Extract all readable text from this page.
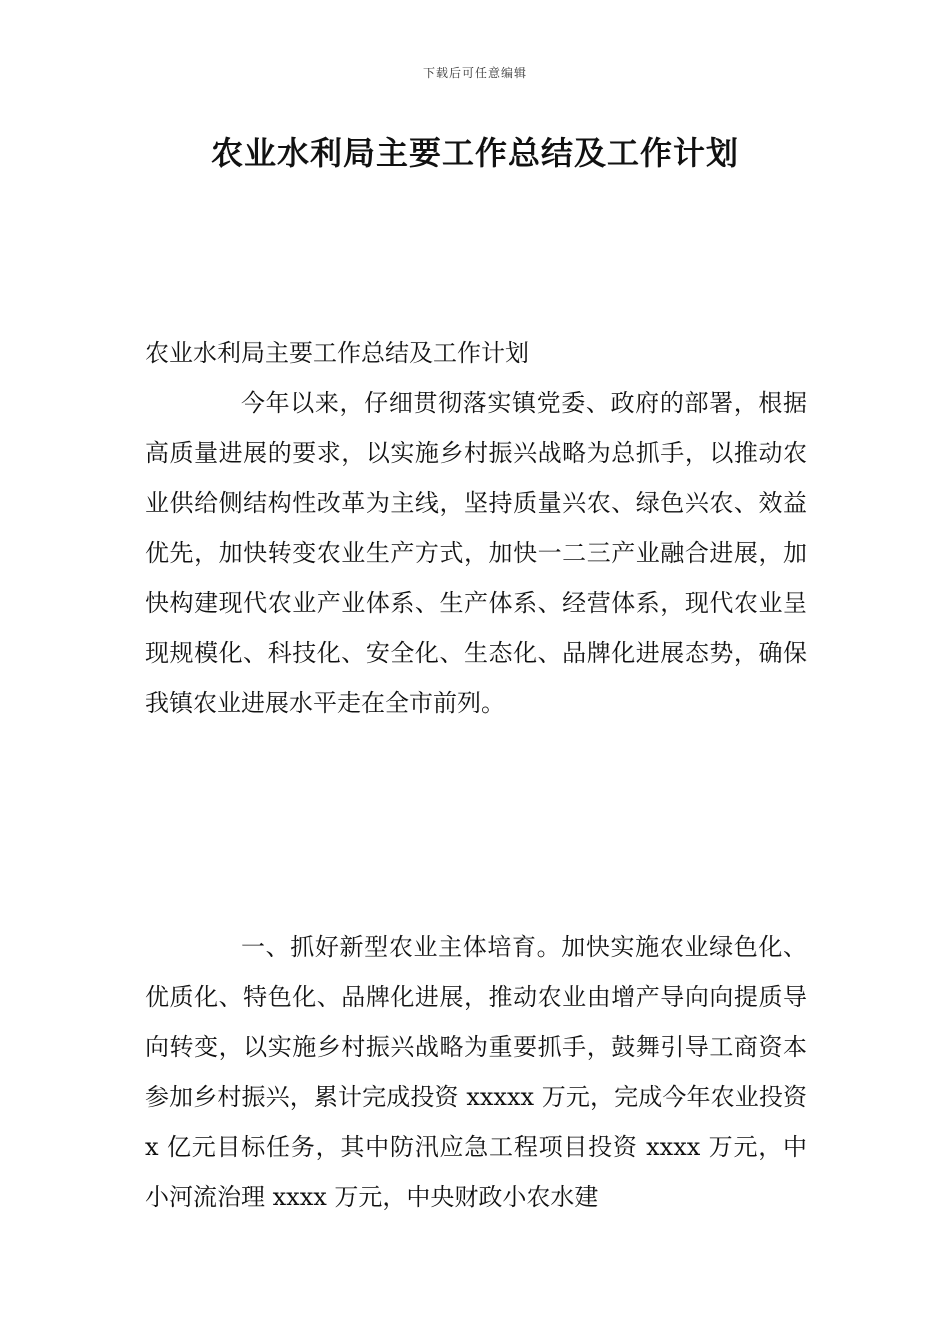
下载后可任意编辑
农业水利局主要工作总结及工作计划

农业水利局主要工作总结及工作计划

今年以来，仔细贯彻落实镇党委、政府的部署，根据高质量进展的要求，以实施乡村振兴战略为总抓手，以推动农业供给侧结构性改革为主线，坚持质量兴农、绿色兴农、效益优先，加快转变农业生产方式，加快一二三产业融合进展，加快构建现代农业产业体系、生产体系、经营体系，现代农业呈现规模化、科技化、安全化、生态化、品牌化进展态势，确保我镇农业进展水平走在全市前列。

一、抓好新型农业主体培育。加快实施农业绿色化、优质化、特色化、品牌化进展，推动农业由增产导向向提质导向转变，以实施乡村振兴战略为重要抓手，鼓舞引导工商资本参加乡村振兴，累计完成投资 xxxxx 万元，完成今年农业投资 x 亿元目标任务，其中防汛应急工程项目投资 xxxx 万元，中小河流治理 xxxx 万元，中央财政小农水建
